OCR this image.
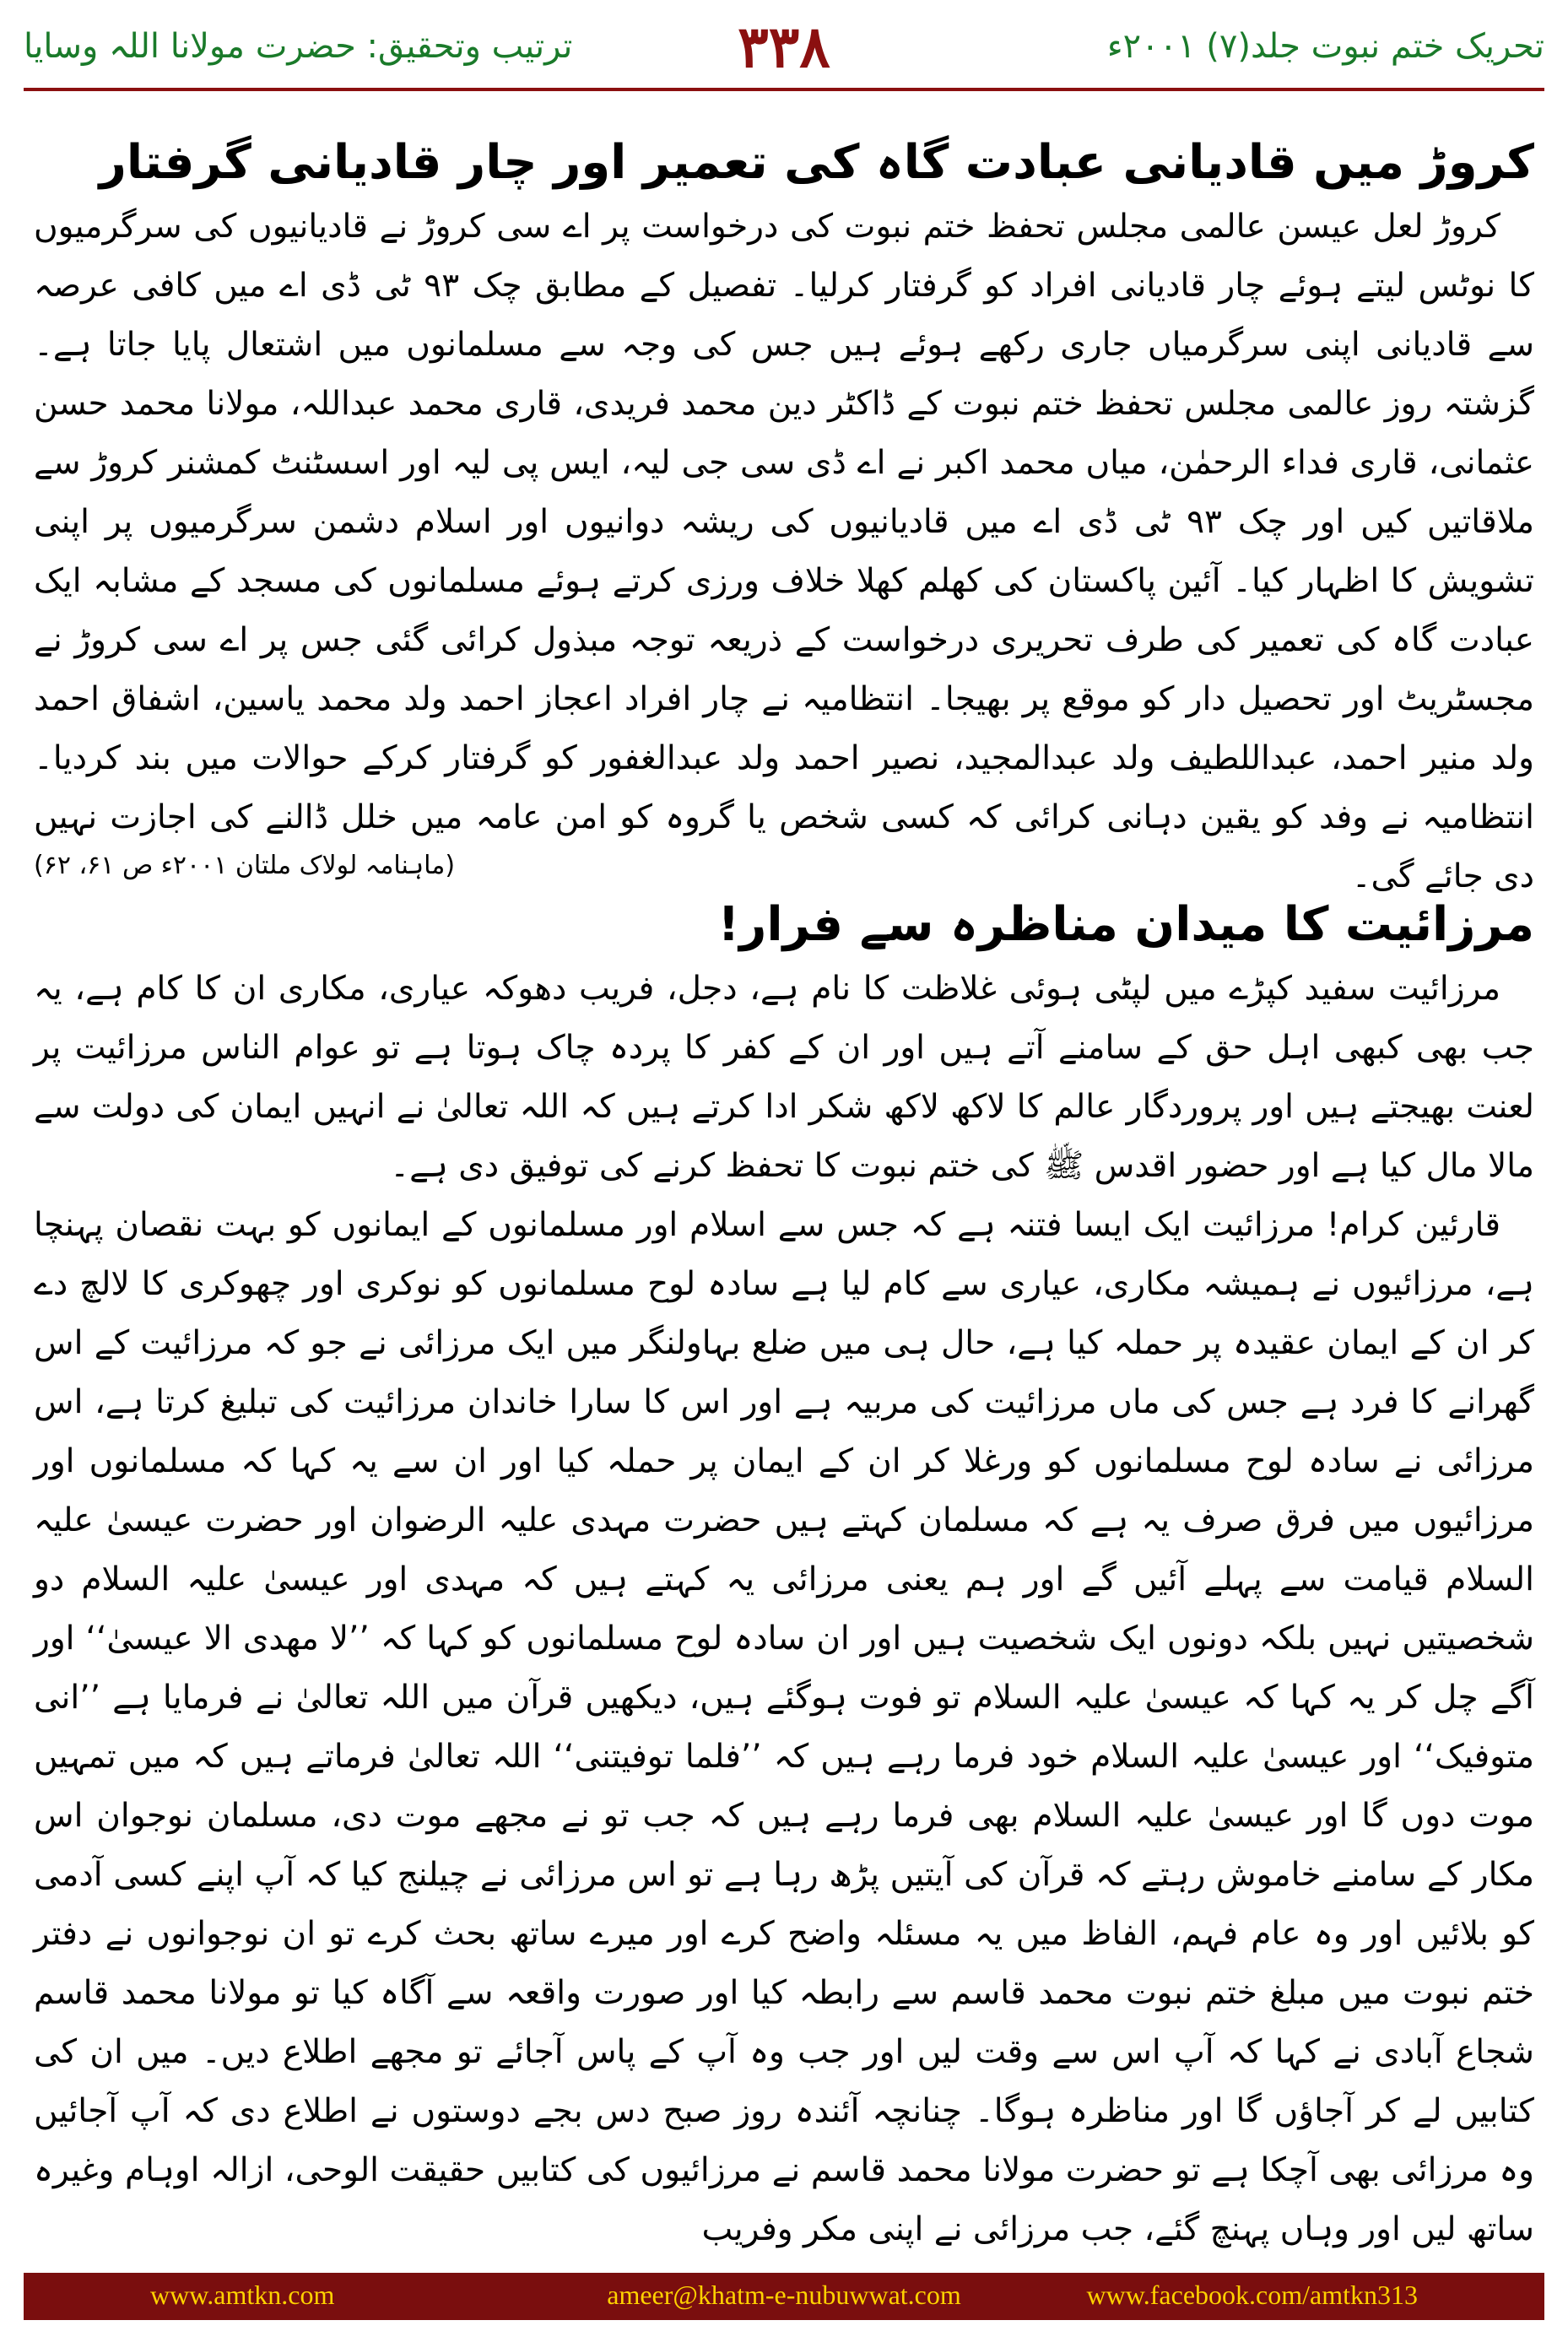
تحریک ختم نبوت جلد(۷) ۲۰۰۱ء
۳۳۸
ترتیب وتحقیق: حضرت مولانا اللہ وسایا
کروڑ میں قادیانی عبادت گاہ کی تعمیر اور چار قادیانی گرفتار

کروڑ لعل عیسن عالمی مجلس تحفظ ختم نبوت کی درخواست پر اے سی کروڑ نے قادیانیوں کی سرگرمیوں کا نوٹس لیتے ہوئے چار قادیانی افراد کو گرفتار کرلیا۔ تفصیل کے مطابق چک ۹۳ ٹی ڈی اے میں کافی عرصہ سے قادیانی اپنی سرگرمیاں جاری رکھے ہوئے ہیں جس کی وجہ سے مسلمانوں میں اشتعال پایا جاتا ہے۔ گزشتہ روز عالمی مجلس تحفظ ختم نبوت کے ڈاکٹر دین محمد فریدی، قاری محمد عبداللہ، مولانا محمد حسن عثمانی، قاری فداء الرحمٰن، میاں محمد اکبر نے اے ڈی سی جی لیہ، ایس پی لیہ اور اسسٹنٹ کمشنر کروڑ سے ملاقاتیں کیں اور چک ۹۳ ٹی ڈی اے میں قادیانیوں کی ریشہ دوانیوں اور اسلام دشمن سرگرمیوں پر اپنی تشویش کا اظہار کیا۔ آئین پاکستان کی کھلم کھلا خلاف ورزی کرتے ہوئے مسلمانوں کی مسجد کے مشابہ ایک عبادت گاہ کی تعمیر کی طرف تحریری درخواست کے ذریعہ توجہ مبذول کرائی گئی جس پر اے سی کروڑ نے مجسٹریٹ اور تحصیل دار کو موقع پر بھیجا۔ انتظامیہ نے چار افراد اعجاز احمد ولد محمد یاسین، اشفاق احمد ولد منیر احمد، عبداللطیف ولد عبدالمجید، نصیر احمد ولد عبدالغفور کو گرفتار کرکے حوالات میں بند کردیا۔ انتظامیہ نے وفد کو یقین دہانی کرائی کہ کسی شخص یا گروہ کو امن عامہ میں خلل ڈالنے کی اجازت نہیں دی جائے گی۔

(ماہنامہ لولاک ملتان ۲۰۰۱ء ص ۶۱، ۶۲)
مرزائیت کا میدان مناظرہ سے فرار!

مرزائیت سفید کپڑے میں لپٹی ہوئی غلاظت کا نام ہے، دجل، فریب دھوکہ عیاری، مکاری ان کا کام ہے، یہ جب بھی کبھی اہل حق کے سامنے آتے ہیں اور ان کے کفر کا پردہ چاک ہوتا ہے تو عوام الناس مرزائیت پر لعنت بھیجتے ہیں اور پروردگار عالم کا لاکھ لاکھ شکر ادا کرتے ہیں کہ اللہ تعالیٰ نے انہیں ایمان کی دولت سے مالا مال کیا ہے اور حضور اقدس ﷺ کی ختم نبوت کا تحفظ کرنے کی توفیق دی ہے۔

قارئین کرام! مرزائیت ایک ایسا فتنہ ہے کہ جس سے اسلام اور مسلمانوں کے ایمانوں کو بہت نقصان پہنچا ہے، مرزائیوں نے ہمیشہ مکاری، عیاری سے کام لیا ہے سادہ لوح مسلمانوں کو نوکری اور چھوکری کا لالچ دے کر ان کے ایمان عقیدہ پر حملہ کیا ہے، حال ہی میں ضلع بہاولنگر میں ایک مرزائی نے جو کہ مرزائیت کے اس گھرانے کا فرد ہے جس کی ماں مرزائیت کی مربیہ ہے اور اس کا سارا خاندان مرزائیت کی تبلیغ کرتا ہے، اس مرزائی نے سادہ لوح مسلمانوں کو ورغلا کر ان کے ایمان پر حملہ کیا اور ان سے یہ کہا کہ مسلمانوں اور مرزائیوں میں فرق صرف یہ ہے کہ مسلمان کہتے ہیں حضرت مہدی علیہ الرضوان اور حضرت عیسیٰ علیہ السلام قیامت سے پہلے آئیں گے اور ہم یعنی مرزائی یہ کہتے ہیں کہ مہدی اور عیسیٰ علیہ السلام دو شخصیتیں نہیں بلکہ دونوں ایک شخصیت ہیں اور ان سادہ لوح مسلمانوں کو کہا کہ ’’لا مھدی الا عیسیٰ‘‘ اور آگے چل کر یہ کہا کہ عیسیٰ علیہ السلام تو فوت ہوگئے ہیں، دیکھیں قرآن میں اللہ تعالیٰ نے فرمایا ہے ’’انی متوفیک‘‘ اور عیسیٰ علیہ السلام خود فرما رہے ہیں کہ ’’فلما توفیتنی‘‘ اللہ تعالیٰ فرماتے ہیں کہ میں تمہیں موت دوں گا اور عیسیٰ علیہ السلام بھی فرما رہے ہیں کہ جب تو نے مجھے موت دی، مسلمان نوجوان اس مکار کے سامنے خاموش رہتے کہ قرآن کی آیتیں پڑھ رہا ہے تو اس مرزائی نے چیلنج کیا کہ آپ اپنے کسی آدمی کو بلائیں اور وہ عام فہم، الفاظ میں یہ مسئلہ واضح کرے اور میرے ساتھ بحث کرے تو ان نوجوانوں نے دفتر ختم نبوت میں مبلغ ختم نبوت محمد قاسم سے رابطہ کیا اور صورت واقعہ سے آگاہ کیا تو مولانا محمد قاسم شجاع آبادی نے کہا کہ آپ اس سے وقت لیں اور جب وہ آپ کے پاس آجائے تو مجھے اطلاع دیں۔ میں ان کی کتابیں لے کر آجاؤں گا اور مناظرہ ہوگا۔ چنانچہ آئندہ روز صبح دس بجے دوستوں نے اطلاع دی کہ آپ آجائیں وہ مرزائی بھی آچکا ہے تو حضرت مولانا محمد قاسم نے مرزائیوں کی کتابیں حقیقت الوحی، ازالہ اوہام وغیرہ ساتھ لیں اور وہاں پہنچ گئے، جب مرزائی نے اپنی مکر وفریب

www.amtkn.com	ameer@khatm-e-nubuwwat.com	www.facebook.com/amtkn313
